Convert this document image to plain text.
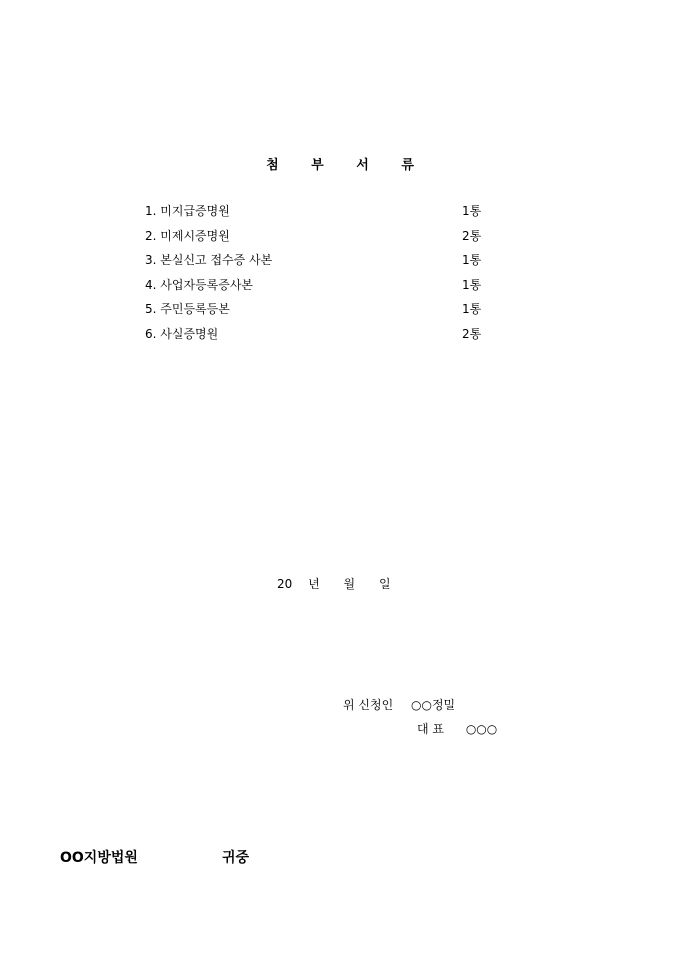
첨	부	서	류
1. 미지급증명원	1통
2. 미제시증명원	2통
3. 본실신고 접수증 사본	1통
4. 사업자등록증사본	1통
5. 주민등록등본	1통
6. 사실증명원	2통
20 년 월 일
위 신청인 ○○정밀
대 표 ○○○
OO지방법원	귀중
